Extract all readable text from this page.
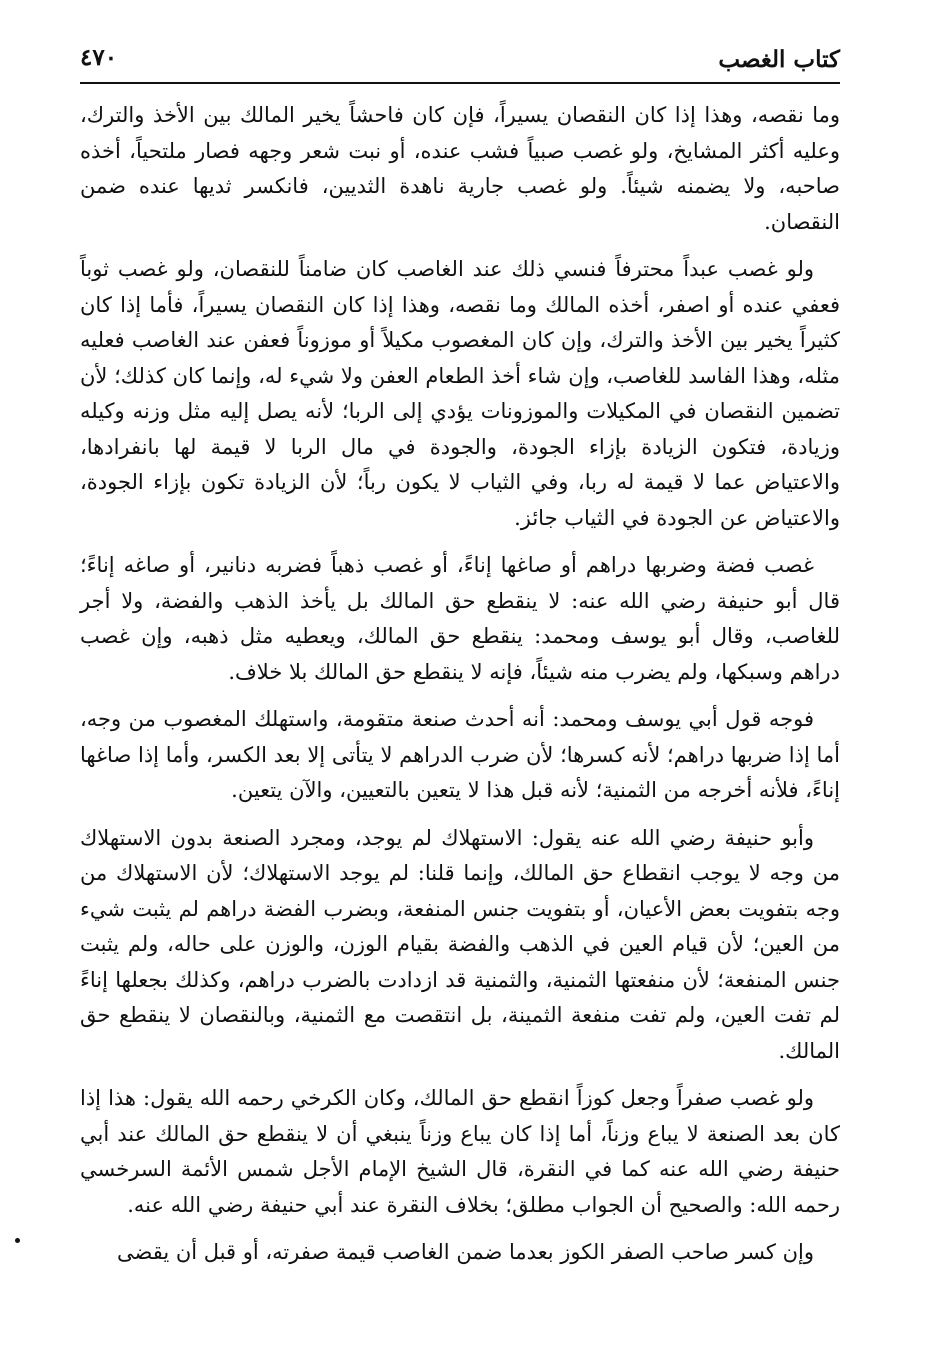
كتاب الغصب
٤٧٠

وما نقصه، وهذا إذا كان النقصان يسيراً، فإن كان فاحشاً يخير المالك بين الأخذ والترك، وعليه أكثر المشايخ، ولو غصب صبياً فشب عنده، أو نبت شعر وجهه فصار ملتحياً، أخذه صاحبه، ولا يضمنه شيئاً. ولو غصب جارية ناهدة الثديين، فانكسر ثديها عنده ضمن النقصان.

ولو غصب عبداً محترفاً فنسي ذلك عند الغاصب كان ضامناً للنقصان، ولو غصب ثوباً فعفي عنده أو اصفر، أخذه المالك وما نقصه، وهذا إذا كان النقصان يسيراً، فأما إذا كان كثيراً يخير بين الأخذ والترك، وإن كان المغصوب مكيلاً أو موزوناً فعفن عند الغاصب فعليه مثله، وهذا الفاسد للغاصب، وإن شاء أخذ الطعام العفن ولا شيء له، وإنما كان كذلك؛ لأن تضمين النقصان في المكيلات والموزونات يؤدي إلى الربا؛ لأنه يصل إليه مثل وزنه وكيله وزيادة، فتكون الزيادة بإزاء الجودة، والجودة في مال الربا لا قيمة لها بانفرادها، والاعتياض عما لا قيمة له ربا، وفي الثياب لا يكون رباً؛ لأن الزيادة تكون بإزاء الجودة، والاعتياض عن الجودة في الثياب جائز.

غصب فضة وضربها دراهم أو صاغها إناءً، أو غصب ذهباً فضربه دنانير، أو صاغه إناءً؛ قال أبو حنيفة رضي الله عنه: لا ينقطع حق المالك بل يأخذ الذهب والفضة، ولا أجر للغاصب، وقال أبو يوسف ومحمد: ينقطع حق المالك، ويعطيه مثل ذهبه، وإن غصب دراهم وسبكها، ولم يضرب منه شيئاً، فإنه لا ينقطع حق المالك بلا خلاف.

فوجه قول أبي يوسف ومحمد: أنه أحدث صنعة متقومة، واستهلك المغصوب من وجه، أما إذا ضربها دراهم؛ لأنه كسرها؛ لأن ضرب الدراهم لا يتأتى إلا بعد الكسر، وأما إذا صاغها إناءً، فلأنه أخرجه من الثمنية؛ لأنه قبل هذا لا يتعين بالتعيين، والآن يتعين.

وأبو حنيفة رضي الله عنه يقول: الاستهلاك لم يوجد، ومجرد الصنعة بدون الاستهلاك من وجه لا يوجب انقطاع حق المالك، وإنما قلنا: لم يوجد الاستهلاك؛ لأن الاستهلاك من وجه بتفويت بعض الأعيان، أو بتفويت جنس المنفعة، وبضرب الفضة دراهم لم يثبت شيء من العين؛ لأن قيام العين في الذهب والفضة بقيام الوزن، والوزن على حاله، ولم يثبت جنس المنفعة؛ لأن منفعتها الثمنية، والثمنية قد ازدادت بالضرب دراهم، وكذلك بجعلها إناءً لم تفت العين، ولم تفت منفعة الثمينة، بل انتقصت مع الثمنية، وبالنقصان لا ينقطع حق المالك.

ولو غصب صفراً وجعل كوزاً انقطع حق المالك، وكان الكرخي رحمه الله يقول: هذا إذا كان بعد الصنعة لا يباع وزناً، أما إذا كان يباع وزناً ينبغي أن لا ينقطع حق المالك عند أبي حنيفة رضي الله عنه كما في النقرة، قال الشيخ الإمام الأجل شمس الأئمة السرخسي رحمه الله: والصحيح أن الجواب مطلق؛ بخلاف النقرة عند أبي حنيفة رضي الله عنه.

وإن كسر صاحب الصفر الكوز بعدما ضمن الغاصب قيمة صفرته، أو قبل أن يقضى
